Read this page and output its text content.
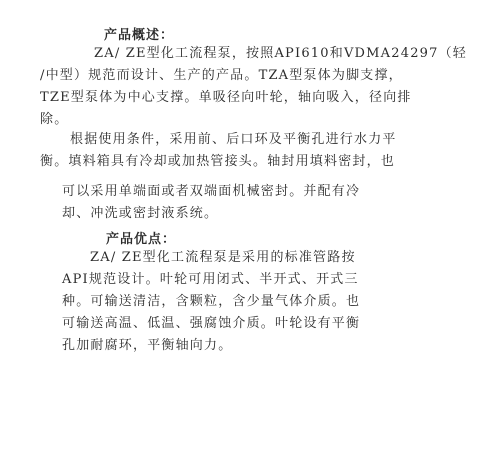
产品概述：
ZA/ ZE型化工流程泵，按照API610和VDMA24297（轻
/中型）规范而设计、生产的产品。TZA型泵体为脚支撑，
TZE型泵体为中心支撑。单吸径向叶轮，轴向吸入，径向排
除。
根据使用条件，采用前、后口环及平衡孔进行水力平
衡。填料箱具有冷却或加热管接头。轴封用填料密封，也
可以采用单端面或者双端面机械密封。并配有冷
却、冲洗或密封液系统。
产品优点：
ZA/ ZE型化工流程泵是采用的标准管路按
API规范设计。叶轮可用闭式、半开式、开式三
种。可输送清洁，含颗粒，含少量气体介质。也
可输送高温、低温、强腐蚀介质。叶轮设有平衡
孔加耐腐环，平衡轴向力。
